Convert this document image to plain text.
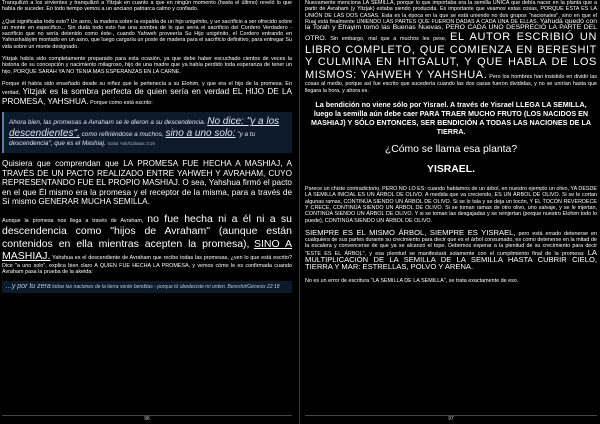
Tranquilizó a los sirvientes y tranquilizó a Yitzjak en cuanto a que en ningún momento (hasta el último) reveló lo que había de suceder. En todo tiempo vemos a un anciano patriarca calmo y confiado.

¿Qué significaba todo esto? Un asno, la madera sobre la espalda de un hijo unigénito, y un sacrificio a ser ofrecido sobre un monte en específico... Sin duda todo esto fue una sombra de lo que sería el sacrificio del Cordero Verdadero - sacrificio que no sería detenido como éste-, cuando Yahweh proveería Su Hijo unigénito, el Cordero entrando en Yahrushaláyim montado en un asno, que luego cargaría un poste de madera para el sacrificio definitivo, para entregar Su vida sobre un monte designado.

Yitzjak había sido completamente preparado para esta ocasión, ya que debe haber escuchado cientos de veces la historia de su concepción y nacimiento milagroso, hijo de una madre que ya había perdido toda esperanza de tener un hijo, PORQUE SARAH YA NO TENIA MAS ESPERANZAS EN LA CARNE.

Porque él había sido enseñado desde su niñez que le pertenecía a su Elohim, y que era el hijo de la promesa. En verdad, Yitzjak es la sombra perfecta de quien sería en verdad EL HIJO DE LA PROMESA, YAHSHUA. Porque como está escrito:

Ahora bien, las promesas a Avraham se le dieron a su descendencia. No dice: "y a los descendientes", como refiriéndose a muchos, sino a uno solo: "y a tu descendencia", que es el Mashiaj. Galut Yah/Gálatas 3:16

Quisiera que comprendan que LA PROMESA FUE HECHA A MASHIAJ, A TRAVÉS DE UN PACTO REALIZADO ENTRE YAHWEH Y AVRAHAM, CUYO REPRESENTANDO FUE EL PROPIO MASHIAJ. O sea, Yahshua firmó el pacto en el que Él mismo era la promesa y el receptor de la misma, para a través de Sí mismo GENERAR MUCHA SEMILLA.

Aunque la promesa nos llega a través de Avraham, no fue hecha ni a él ni a su descendencia como "hijos de Avraham" (aunque están contenidos en ella mientras acepten la promesa), SINO A MASHIAJ. Yahshua es el descendiente de Avraham que recibe todas las promesas, ¿ven lo que está escrito? Dice "a uno solo", explica bien claro A QUIEN FUE HECHA LA PROMESA, y vemos cómo le es confirmada cuando Avraham pasa la prueba de la akeida:

...y por tu zera todas las naciones de la tierra serán benditas - porque tú obedeciste mi orden. Bereshit/Génesis 22:18
96

Nuevamente menciona LA SEMILLA, porque lo que importaba era la semilla ÚNICA que debía nacer en la planta que a partir de Avraham (y Yitzjak) estaba siendo producida. Es importante que veamos estas cosas, PORQUE ESTA ES LA UNIÓN DE LAS DOS CASAS. Esta es la época en la que se está uniendo no dos grupos "nacionales", sino en que el Ruaj está finalmente UNIENDO LAS PARTES QUE FUERON DADAS A CADA UNA DE ELLAS. Yahudá quedó con la Torah y Efrayim tomó las Buenas Nuevas, PERO CADA UNO DESPRECIÓ LA PARTE DEL OTRO. Sin embargo, mal que a muchos les pese, EL AUTOR ESCRIBIÓ UN LIBRO COMPLETO, QUE COMIENZA EN BERESHIT Y CULMINA EN HITGALUT, Y QUE HABLA DE LOS MISMOS: YAHWEH Y YAHSHUA. Pero los hombres han insistido en dividir las cosas al medio, porque así fue escrito que sucedería cuando las dos casas fueron divididas, y no se unirían hasta que llegara la hora, y ahora es.

La bendición no viene sólo por Yisrael. A través de Yisrael LLEGA LA SEMILLA, luego la semilla aún debe caer PARA TRAER MUCHO FRUTO (LOS NACIDOS EN MASHIAJ) Y SÓLO ENTONCES, SER BENDICIÓN A TODAS LAS NACIONES DE LA TIERRA.
¿Cómo se llama esa planta?
YISRAEL.

Parece un chiste contradictorio, PERO NO LO ES: cuando hablamos de un árbol, en nuestro ejemplo un olivo, YA DESDE LA SEMILLA INICIAL ES UN ÁRBOL DE OLIVO. A medida que va creciendo, ES UN ÁRBOL DE OLIVO. Si se le cortan algunas ramas, CONTINÚA SIENDO UN ÁRBOL DE OLIVO. Si se lo tala y se deja un tocón, Y EL TOCÓN REVERDECE Y CRECE, CONTINÚA SIENDO UN ÁRBOL DE OLIVO. Si se toman ramas de otro olivo, uno salvaje, y se le injertan, CONTINÚA SIENDO UN ÁRBOL DE OLIVO. Y si se toman las desgajadas y se reinjertan (porque nuestro Elohim todo lo puede), CONTINÚA SIENDO UN ÁRBOL DE OLIVO.

SIEMPRE ES EL MISMO ÁRBOL, SIEMPRE ES YISRAEL, pero está errado detenerse en cualquiera de sus partes durante su crecimiento para decir que es el árbol consumado, es como detenerse en la mitad de la escalera y convencerse de que ya se alcanzó el tope. Debemos esperar a la plenitud de su crecimiento para decir "ESTE ES EL ÁRBOL", y esa plenitud se manifestará solamente con el cumplimiento final de la promesa: LA MULTIPLICACIÓN DE LA SEMILLA DE LA SEMILLA HASTA CUBRIR CIELO, TIERRA Y MAR: ESTRELLAS, POLVO Y ARENA.

No es un error de escritura "LA SEMILLA DE LA SEMILLA", se trata exactamente de eso.

97
